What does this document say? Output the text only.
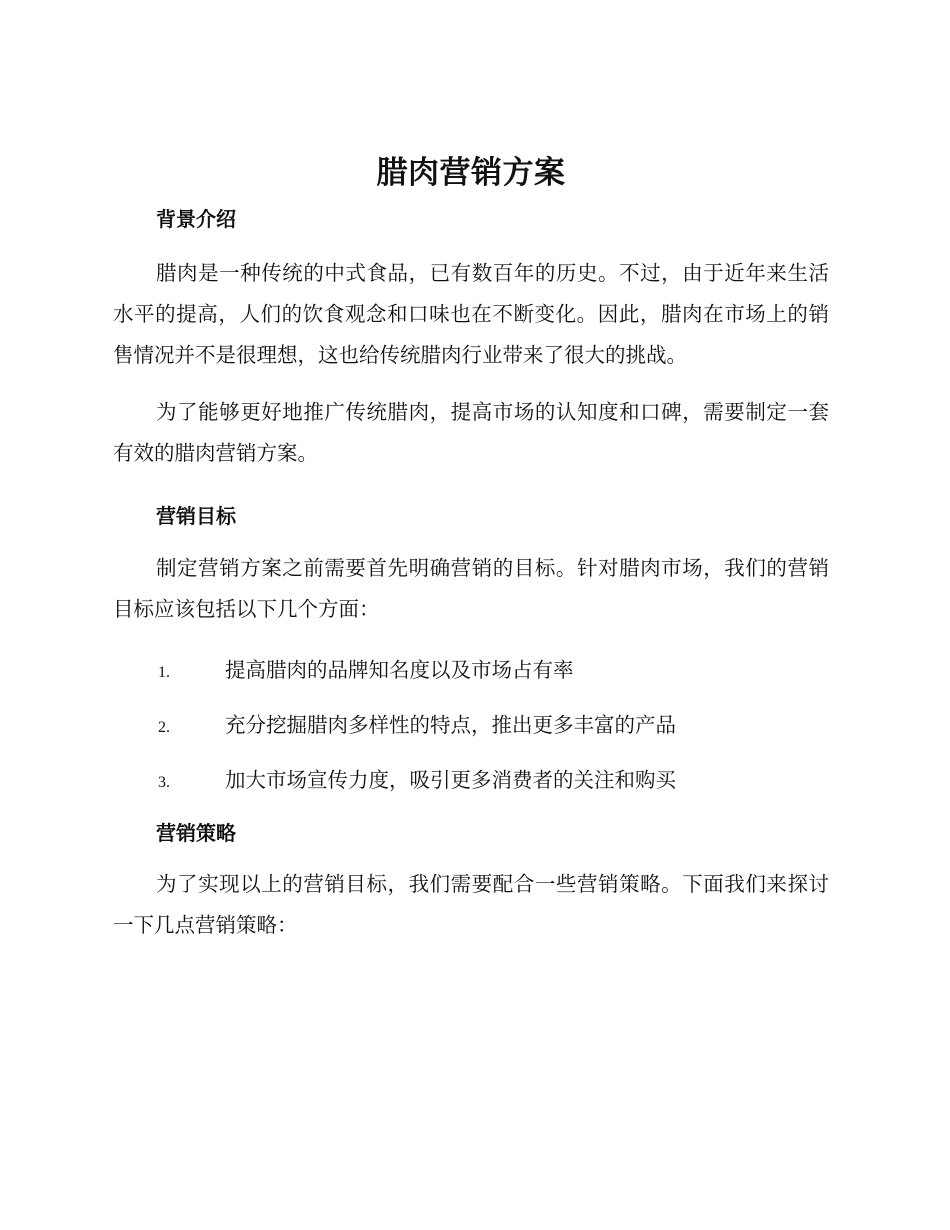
腊肉营销方案
背景介绍

腊肉是一种传统的中式食品，已有数百年的历史。不过，由于近年来生活水平的提高，人们的饮食观念和口味也在不断变化。因此，腊肉在市场上的销售情况并不是很理想，这也给传统腊肉行业带来了很大的挑战。

为了能够更好地推广传统腊肉，提高市场的认知度和口碑，需要制定一套有效的腊肉营销方案。

营销目标

制定营销方案之前需要首先明确营销的目标。针对腊肉市场，我们的营销目标应该包括以下几个方面：

1.	提高腊肉的品牌知名度以及市场占有率
2.	充分挖掘腊肉多样性的特点，推出更多丰富的产品
3.	加大市场宣传力度，吸引更多消费者的关注和购买
营销策略

为了实现以上的营销目标，我们需要配合一些营销策略。下面我们来探讨一下几点营销策略：
